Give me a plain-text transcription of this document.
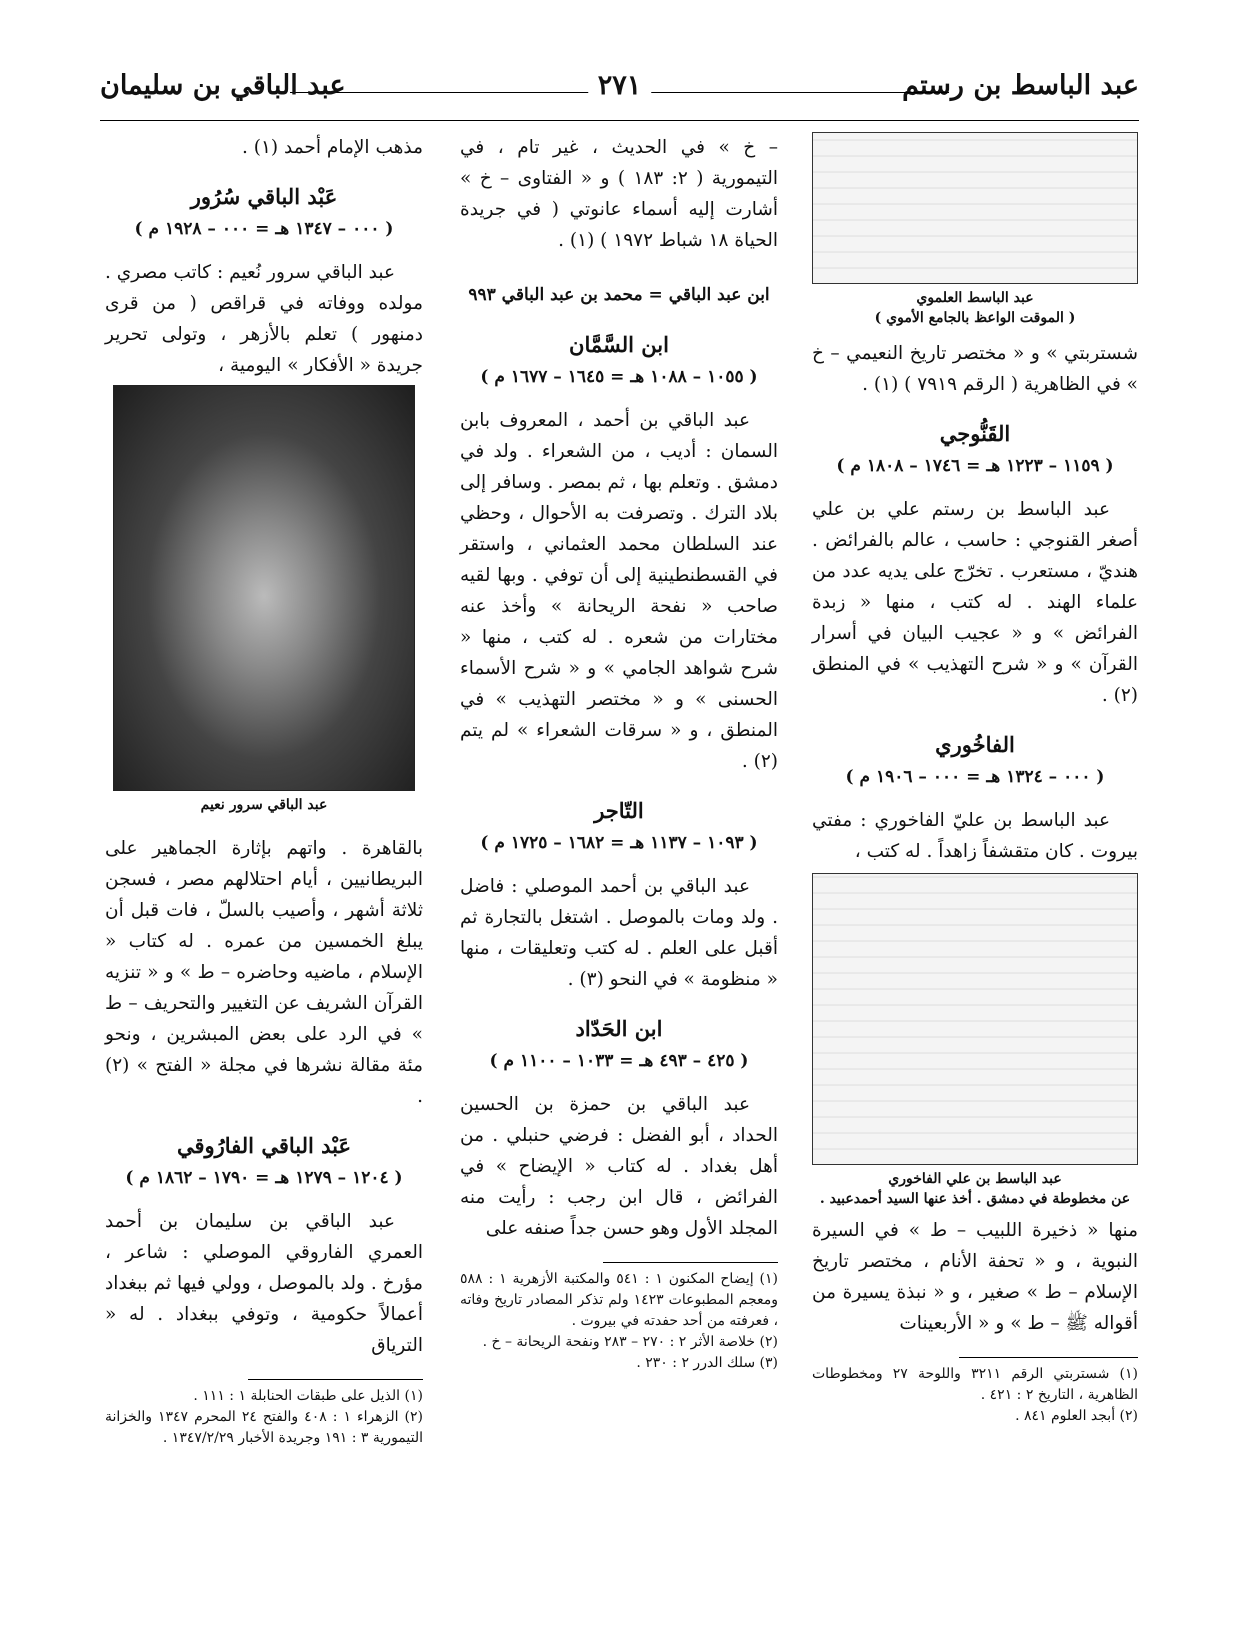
عبد الباسط بن رستم
٢٧١
عبد الباقي بن سليمان
عبد الباسط العلموي
( الموقت الواعظ بالجامع الأموي )

شستربتي » و « مختصر تاريخ النعيمي – خ » في الظاهرية ( الرقم ٧٩١٩ ) (١) .

القَنُّوجي
( ١١٥٩ – ١٢٢٣ هـ = ١٧٤٦ – ١٨٠٨ م )

عبد الباسط بن رستم علي بن علي أصغر القنوجي : حاسب ، عالم بالفرائض . هنديّ ، مستعرب . تخرّج على يديه عدد من علماء الهند . له كتب ، منها « زبدة الفرائض » و « عجيب البيان في أسرار القرآن » و « شرح التهذيب » في المنطق (٢) .

الفاخُوري
( ٠٠٠ – ١٣٢٤ هـ = ٠٠٠ – ١٩٠٦ م )

عبد الباسط بن عليّ الفاخوري : مفتي بيروت . كان متقشفاً زاهداً . له كتب ،

عبد الباسط بن علي الفاخوري
عن مخطوطة في دمشق . أخذ عنها السيد أحمدعبيد .

منها « ذخيرة اللبيب – ط » في السيرة النبوية ، و « تحفة الأنام ، مختصر تاريخ الإسلام – ط » صغير ، و « نبذة يسيرة من أقواله ﷺ – ط » و « الأربعينات

(١) شستربتي الرقم ٣٢١١ واللوحة ٢٧ ومخطوطات الظاهرية ، التاريخ ٢ : ٤٢١ .

(٢) أبجد العلوم ٨٤١ .

– خ » في الحديث ، غير تام ، في التيمورية ( ٢: ١٨٣ ) و « الفتاوى – خ » أشارت إليه أسماء عانوتي ( في جريدة الحياة ١٨ شباط ١٩٧٢ ) (١) .

ابن عبد الباقي = محمد بن عبد الباقي ٩٩٣
ابن السَّمَّان
( ١٠٥٥ – ١٠٨٨ هـ = ١٦٤٥ – ١٦٧٧ م )

عبد الباقي بن أحمد ، المعروف بابن السمان : أديب ، من الشعراء . ولد في دمشق . وتعلم بها ، ثم بمصر . وسافر إلى بلاد الترك . وتصرفت به الأحوال ، وحظي عند السلطان محمد العثماني ، واستقر في القسطنطينية إلى أن توفي . وبها لقيه صاحب « نفحة الريحانة » وأخذ عنه مختارات من شعره . له كتب ، منها « شرح شواهد الجامي » و « شرح الأسماء الحسنى » و « مختصر التهذيب » في المنطق ، و « سرقات الشعراء » لم يتم (٢) .

التّاجر
( ١٠٩٣ – ١١٣٧ هـ = ١٦٨٢ – ١٧٢٥ م )

عبد الباقي بن أحمد الموصلي : فاضل . ولد ومات بالموصل . اشتغل بالتجارة ثم أقبل على العلم . له كتب وتعليقات ، منها « منظومة » في النحو (٣) .

ابن الحَدّاد
( ٤٢٥ – ٤٩٣ هـ = ١٠٣٣ – ١١٠٠ م )

عبد الباقي بن حمزة بن الحسين الحداد ، أبو الفضل : فرضي حنبلي . من أهل بغداد . له كتاب « الإيضاح » في الفرائض ، قال ابن رجب : رأيت منه المجلد الأول وهو حسن جداً صنفه على

(١) إيضاح المكنون ١ : ٥٤١ والمكتبة الأزهرية ١ : ٥٨٨ ومعجم المطبوعات ١٤٢٣ ولم تذكر المصادر تاريخ وفاته ، فعرفته من أحد حفدته في بيروت .

(٢) خلاصة الأثر ٢ : ٢٧٠ – ٢٨٣ ونفحة الريحانة – خ .

(٣) سلك الدرر ٢ : ٢٣٠ .

مذهب الإمام أحمد (١) .

عَبْد الباقي سُرُور
( ٠٠٠ – ١٣٤٧ هـ = ٠٠٠ – ١٩٢٨ م )

عبد الباقي سرور نُعيم : كاتب مصري . مولده ووفاته في قراقص ( من قرى دمنهور ) تعلم بالأزهر ، وتولى تحرير جريدة « الأفكار » اليومية ،

عبد الباقي سرور نعيم

بالقاهرة . واتهم بإثارة الجماهير على البريطانيين ، أيام احتلالهم مصر ، فسجن ثلاثة أشهر ، وأصيب بالسلّ ، فات قبل أن يبلغ الخمسين من عمره . له كتاب « الإسلام ، ماضيه وحاضره – ط » و « تنزيه القرآن الشريف عن التغيير والتحريف – ط » في الرد على بعض المبشرين ، ونحو مئة مقالة نشرها في مجلة « الفتح » (٢) .

عَبْد الباقي الفارُوقي
( ١٢٠٤ – ١٢٧٩ هـ = ١٧٩٠ – ١٨٦٢ م )

عبد الباقي بن سليمان بن أحمد العمري الفاروقي الموصلي : شاعر ، مؤرخ . ولد بالموصل ، وولي فيها ثم ببغداد أعمالاً حكومية ، وتوفي ببغداد . له « الترياق

(١) الذيل على طبقات الحنابلة ١ : ١١١ .

(٢) الزهراء ١ : ٤٠٨ والفتح ٢٤ المحرم ١٣٤٧ والخزانة التيمورية ٣ : ١٩١ وجريدة الأخبار ١٣٤٧/٢/٢٩ .
